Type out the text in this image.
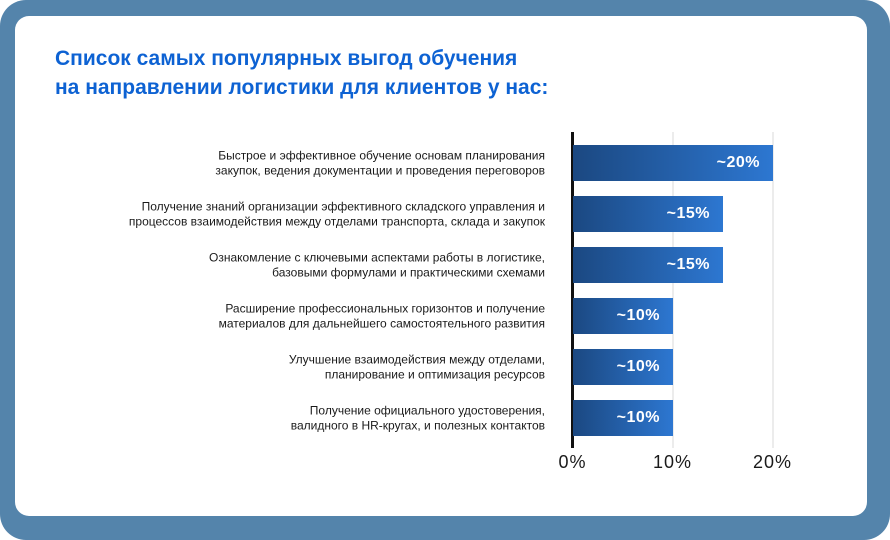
Список самых популярных выгод обучения
на направлении логистики для клиентов у нас:
Быстрое и эффективное обучение основам планирования
закупок, ведения документации и проведения переговоров	~20%
Получение знаний организации эффективного складского управления и
процессов взаимодействия между отделами транспорта, склада и закупок	~15%
Ознакомление с ключевыми аспектами работы в логистике,
базовыми формулами и практическими схемами	~15%
Расширение профессиональных горизонтов и получение
материалов для дальнейшего самостоятельного развития	~10%
Улучшение взаимодействия между отделами,
планирование и оптимизация ресурсов	~10%
Получение официального удостоверения,
валидного в HR-кругах, и полезных контактов	~10%
0%	10%	20%
